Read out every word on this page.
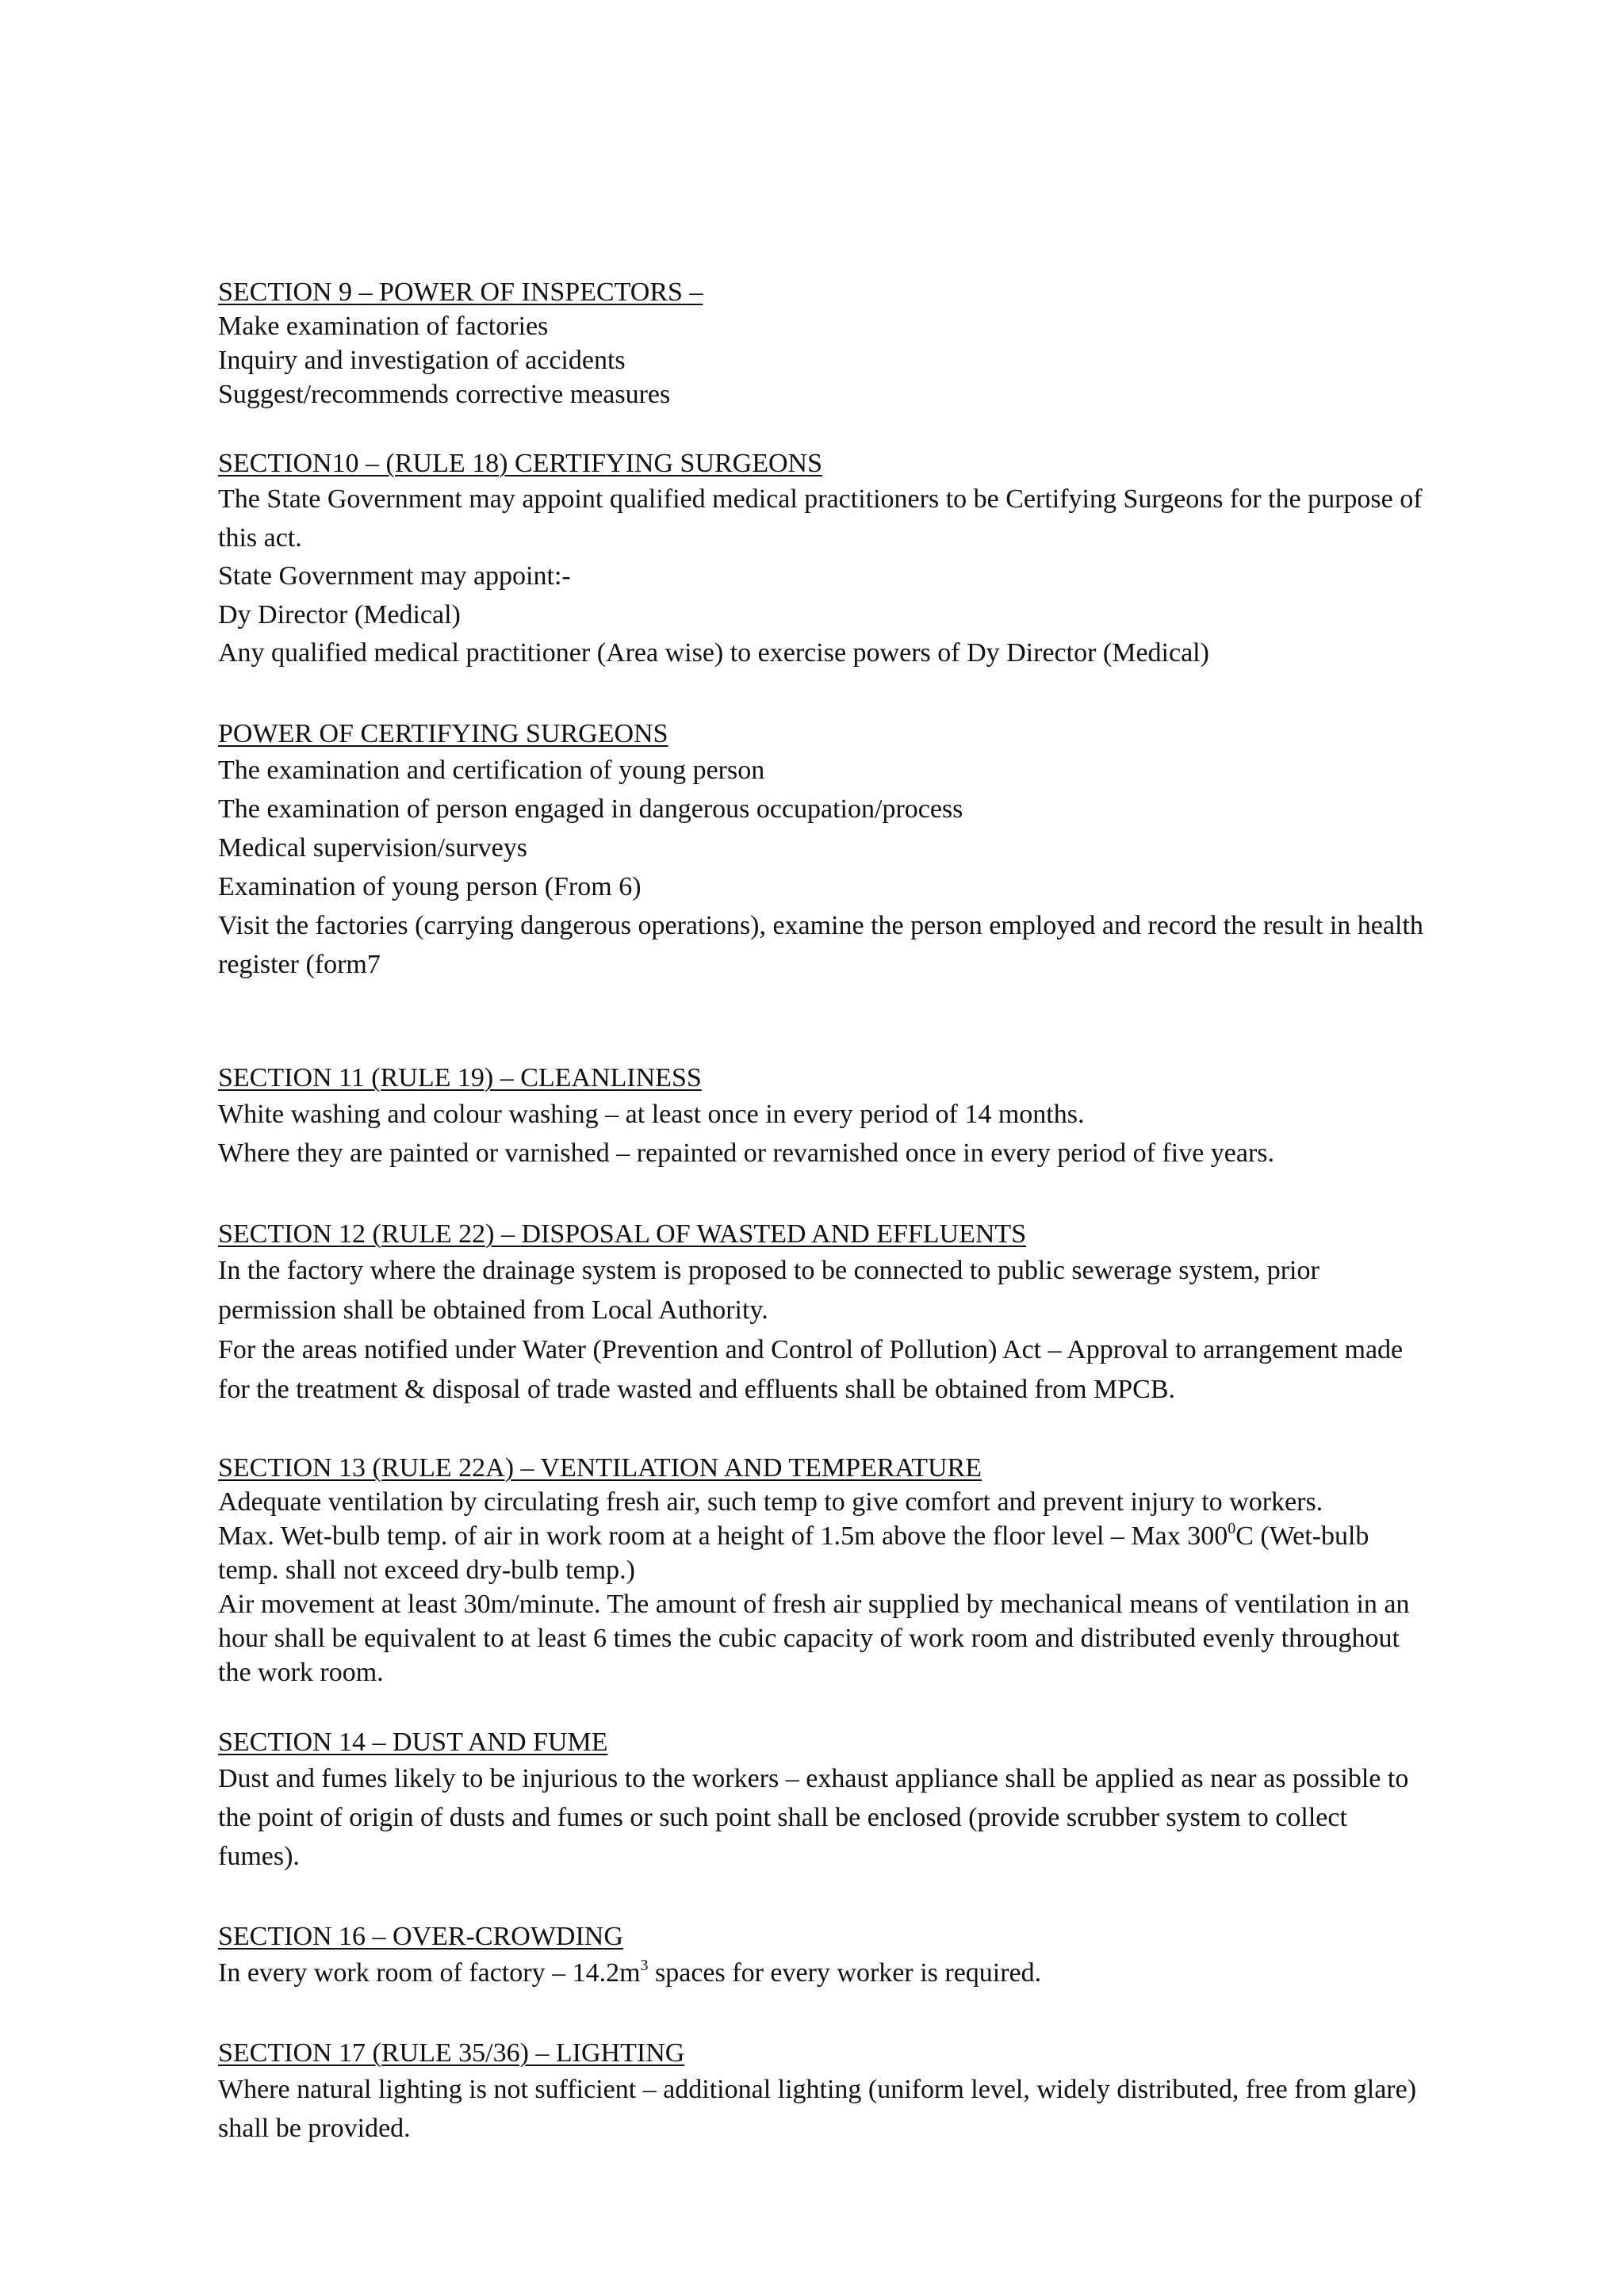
SECTION 9 – POWER OF INSPECTORS –
Make examination of factories
Inquiry and investigation of accidents
Suggest/recommends corrective measures
SECTION10 – (RULE 18) CERTIFYING SURGEONS
The State Government may appoint qualified medical practitioners to be Certifying Surgeons for the purpose of
this act.
State Government may appoint:-
Dy Director (Medical)
Any qualified medical practitioner (Area wise) to exercise powers of Dy Director (Medical)
POWER OF CERTIFYING SURGEONS
The examination and certification of young person
The examination of person engaged in dangerous occupation/process
Medical supervision/surveys
Examination of young person (From 6)
Visit the factories (carrying dangerous operations), examine the person employed and record the result in health
register (form7
SECTION 11 (RULE 19) – CLEANLINESS
White washing and colour washing – at least once in every period of 14 months.
Where they are painted or varnished – repainted or revarnished once in every period of five years.
SECTION 12 (RULE 22) – DISPOSAL OF WASTED AND EFFLUENTS
In the factory where the drainage system is proposed to be connected to public sewerage system, prior
permission shall be obtained from Local Authority.
For the areas notified under Water (Prevention and Control of Pollution) Act – Approval to arrangement made
for the treatment & disposal of trade wasted and effluents shall be obtained from MPCB.
SECTION 13 (RULE 22A) – VENTILATION AND TEMPERATURE
Adequate ventilation by circulating fresh air, such temp to give comfort and prevent injury to workers.
Max. Wet-bulb temp. of air in work room at a height of 1.5m above the floor level – Max $300^0C$ (Wet-bulb
temp. shall not exceed dry-bulb temp.)
Air movement at least 30m/minute. The amount of fresh air supplied by mechanical means of ventilation in an
hour shall be equivalent to at least 6 times the cubic capacity of work room and distributed evenly throughout
the work room.
SECTION 14 – DUST AND FUME
Dust and fumes likely to be injurious to the workers – exhaust appliance shall be applied as near as possible to
the point of origin of dusts and fumes or such point shall be enclosed (provide scrubber system to collect
fumes).
SECTION 16 – OVER-CROWDING
In every work room of factory – $14.2m^3$ spaces for every worker is required.
SECTION 17 (RULE 35/36) – LIGHTING
Where natural lighting is not sufficient – additional lighting (uniform level, widely distributed, free from glare)
shall be provided.
